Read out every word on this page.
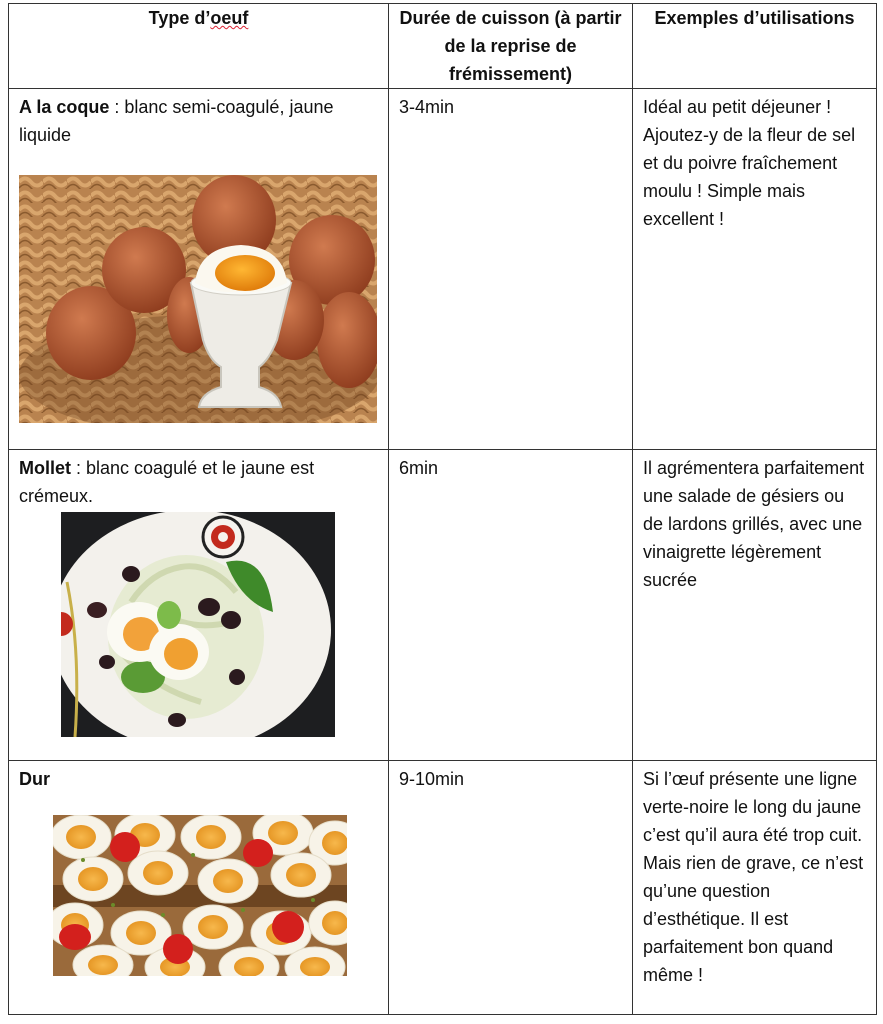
Type d’oeuf	Durée de cuisson (à partir de la reprise de frémissement)	Exemples d’utilisations

A la coque : blanc semi-coagulé, jaune liquide	3-4min	Idéal au petit déjeuner ! Ajoutez-y de la fleur de sel et du poivre fraîchement moulu ! Simple mais excellent !

Mollet : blanc coagulé et le jaune est crémeux.	6min	Il agrémentera parfaitement une salade de gésiers ou de lardons grillés, avec une vinaigrette légèrement sucrée

Dur	9-10min	Si l’œuf présente une ligne verte-noire le long du jaune c’est qu’il aura été trop cuit. Mais rien de grave, ce n’est qu’une question d’esthétique. Il est parfaitement bon quand même !
